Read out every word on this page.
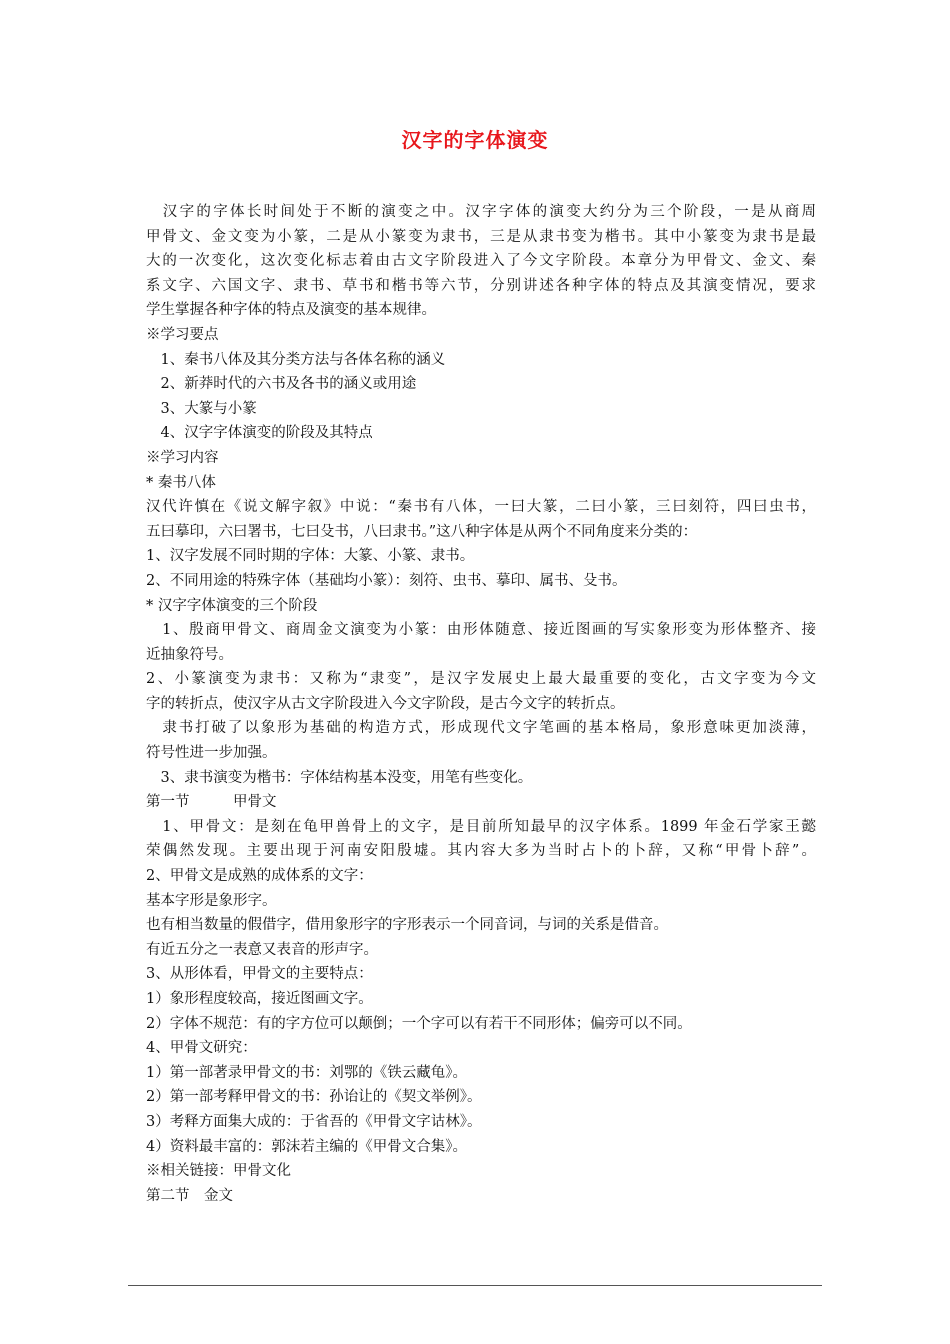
汉字的字体演变
　汉字的字体长时间处于不断的演变之中。汉字字体的演变大约分为三个阶段，一是从商周
甲骨文、金文变为小篆，二是从小篆变为隶书，三是从隶书变为楷书。其中小篆变为隶书是最
大的一次变化，这次变化标志着由古文字阶段进入了今文字阶段。本章分为甲骨文、金文、秦
系文字、六国文字、隶书、草书和楷书等六节，分别讲述各种字体的特点及其演变情况，要求
学生掌握各种字体的特点及演变的基本规律。
※学习要点
　1、秦书八体及其分类方法与各体名称的涵义
　2、新莽时代的六书及各书的涵义或用途
　3、大篆与小篆
　4、汉字字体演变的阶段及其特点
※学习内容
* 秦书八体
汉代许慎在《说文解字叙》中说：“秦书有八体，一曰大篆，二曰小篆，三曰刻符，四曰虫书，
五曰摹印，六曰署书，七曰殳书，八曰隶书。”这八种字体是从两个不同角度来分类的：
1、汉字发展不同时期的字体：大篆、小篆、隶书。
2、不同用途的特殊字体（基础均小篆）：刻符、虫书、摹印、属书、殳书。
* 汉字字体演变的三个阶段
　1、殷商甲骨文、商周金文演变为小篆：由形体随意、接近图画的写实象形变为形体整齐、接
近抽象符号。
2、小篆演变为隶书：又称为“隶变”，是汉字发展史上最大最重要的变化，古文字变为今文
字的转折点，使汉字从古文字阶段进入今文字阶段，是古今文字的转折点。
　隶书打破了以象形为基础的构造方式，形成现代文字笔画的基本格局，象形意味更加淡薄，
符号性进一步加强。
　3、隶书演变为楷书：字体结构基本没变，用笔有些变化。
第一节　　　甲骨文
　1、甲骨文：是刻在龟甲兽骨上的文字，是目前所知最早的汉字体系。1899 年金石学家王懿
荣偶然发现。主要出现于河南安阳殷墟。其内容大多为当时占卜的卜辞，又称“甲骨卜辞”。
2、甲骨文是成熟的成体系的文字：
基本字形是象形字。
也有相当数量的假借字，借用象形字的字形表示一个同音词，与词的关系是借音。
有近五分之一表意又表音的形声字。
3、从形体看，甲骨文的主要特点：
1）象形程度较高，接近图画文字。
2）字体不规范：有的字方位可以颠倒；一个字可以有若干不同形体；偏旁可以不同。
4、甲骨文研究：
1）第一部著录甲骨文的书：刘鄂的《铁云藏龟》。
2）第一部考释甲骨文的书：孙诒让的《契文举例》。
3）考释方面集大成的：于省吾的《甲骨文字诂林》。
4）资料最丰富的：郭沫若主编的《甲骨文合集》。
※相关链接：甲骨文化
第二节　金文
